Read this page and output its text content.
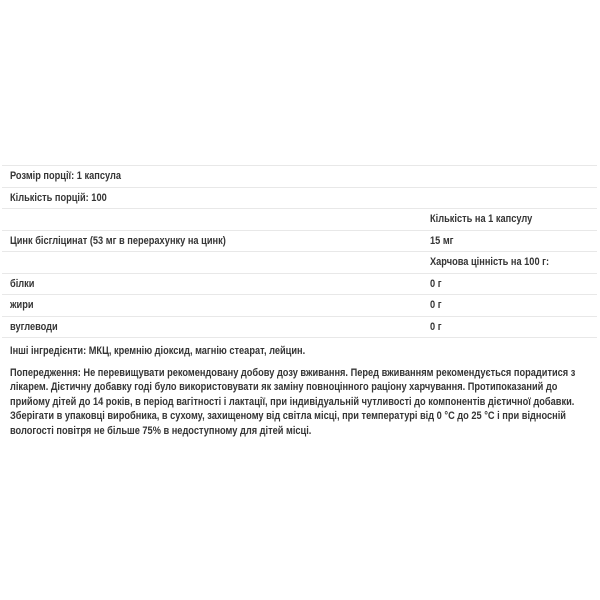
Розмір порції: 1 капсула
Кількість порцій: 100
Кількість на 1 капсулу
Цинк бісгліцинат (53 мг в перерахунку на цинк)	15 мг
Харчова цінність на 100 г:
білки	0 г
жири	0 г
вуглеводи	0 г
Інші інгредієнти: МКЦ, кремнію діоксид, магнію стеарат, лейцин.
Попередження: Не перевищувати рекомендовану добову дозу вживання. Перед вживанням рекомендується порадитися з
лікарем. Дієтичну добавку годі було використовувати як заміну повноцінного раціону харчування. Протипоказаний до
прийому дітей до 14 років, в період вагітності і лактації, при індивідуальній чутливості до компонентів дієтичної добавки.
Зберігати в упаковці виробника, в сухому, захищеному від світла місці, при температурі від 0 °C до 25 °C і при відносній
вологості повітря не більше 75% в недоступному для дітей місці.
